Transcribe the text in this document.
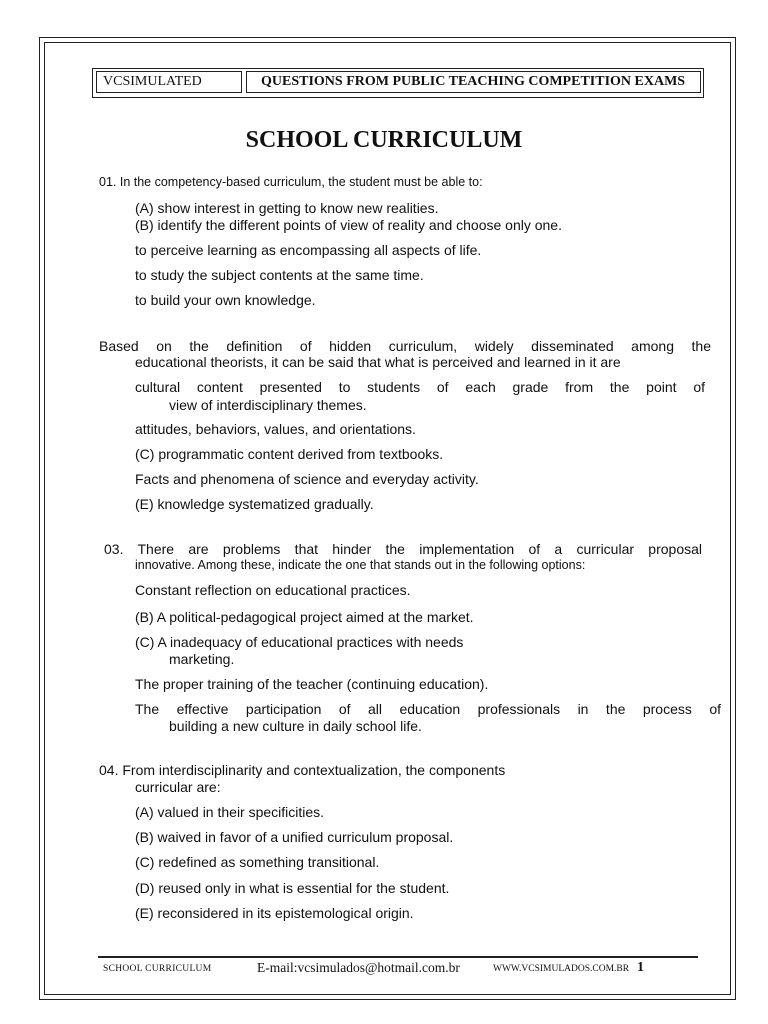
VCSIMULATED	QUESTIONS FROM PUBLIC TEACHING COMPETITION EXAMS
SCHOOL CURRICULUM
01. In the competency-based curriculum, the student must be able to:
(A) show interest in getting to know new realities.
(B) identify the different points of view of reality and choose only one.
to perceive learning as encompassing all aspects of life.
to study the subject contents at the same time.
to build your own knowledge.
Based on the definition of hidden curriculum, widely disseminated among the
educational theorists, it can be said that what is perceived and learned in it are
cultural content presented to students of each grade from the point of
view of interdisciplinary themes.
attitudes, behaviors, values, and orientations.
(C) programmatic content derived from textbooks.
Facts and phenomena of science and everyday activity.
(E) knowledge systematized gradually.
03. There are problems that hinder the implementation of a curricular proposal
innovative. Among these, indicate the one that stands out in the following options:
Constant reflection on educational practices.
(B) A political-pedagogical project aimed at the market.
(C) A inadequacy of educational practices with needs
marketing.
The proper training of the teacher (continuing education).
The effective participation of all education professionals in the process of
building a new culture in daily school life.
04. From interdisciplinarity and contextualization, the components
curricular are:
(A) valued in their specificities.
(B) waived in favor of a unified curriculum proposal.
(C) redefined as something transitional.
(D) reused only in what is essential for the student.
(E) reconsidered in its epistemological origin.
SCHOOL CURRICULUM	E-mail:vcsimulados@hotmail.com.br	WWW.VCSIMULADOS.COM.BR 1
